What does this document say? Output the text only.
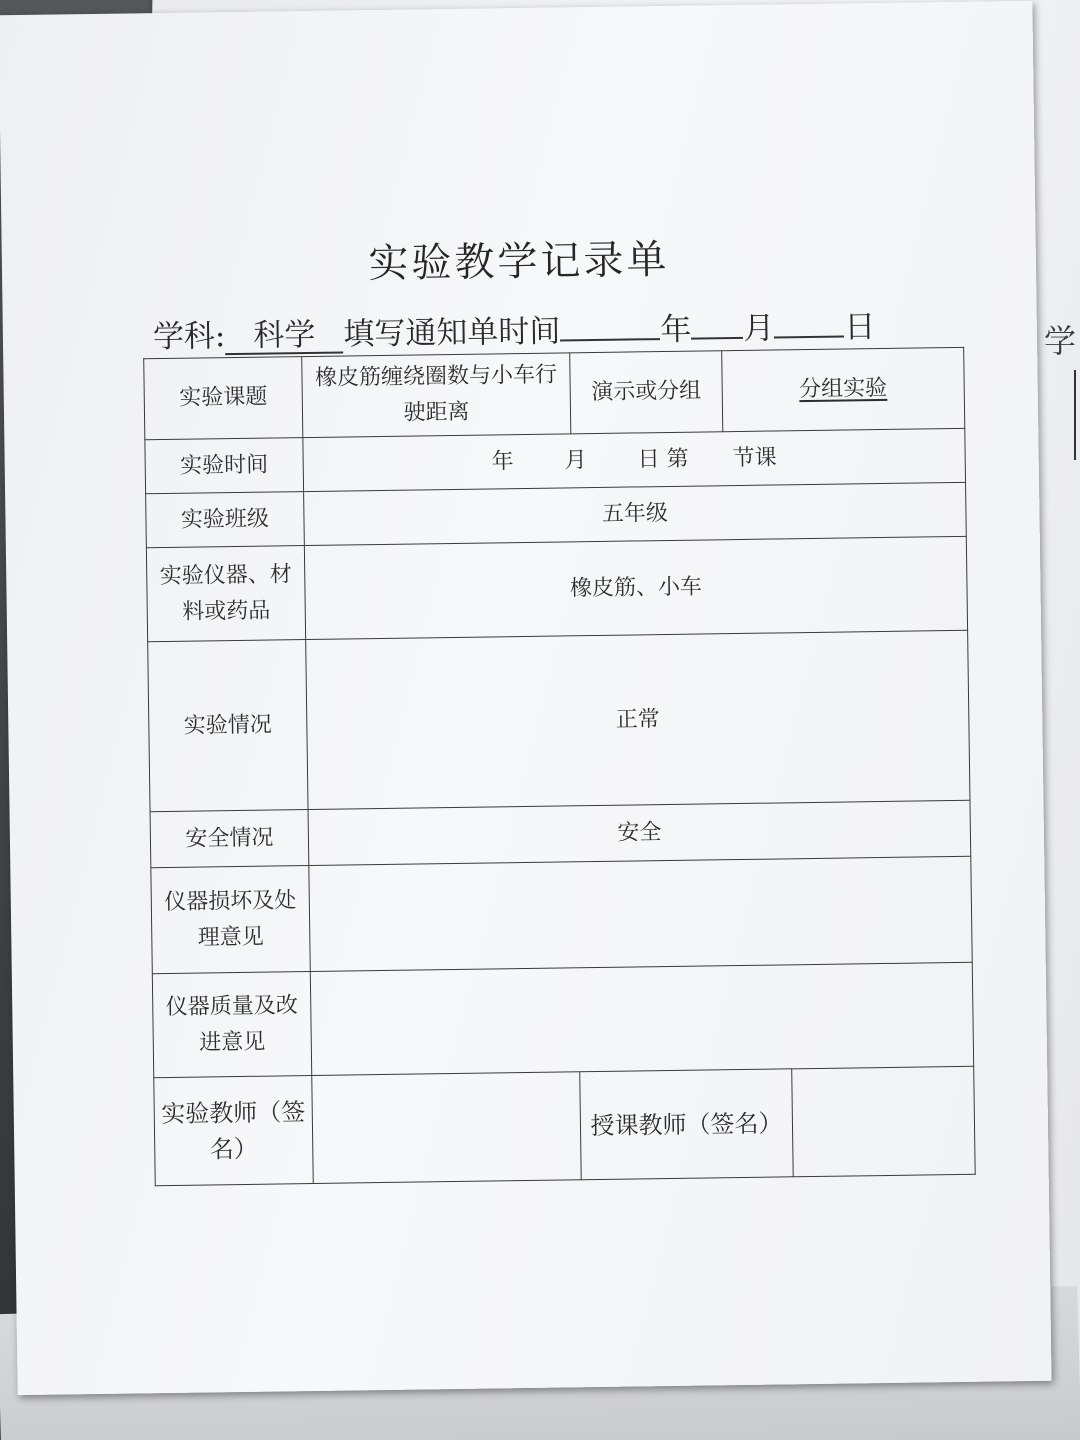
学
实验教学记录单
学科: 科学 填写通知单时间	年 月 日
实验课题	橡皮筋缠绕圈数与小车行驶距离	演示或分组	分组实验	
实验时间	年　　 月　　 日 第　　节课			
实验班级	五年级			
实验仪器、材料或药品	橡皮筋、小车			
实验情况	正常			
安全情况	安全			
仪器损坏及处理意见				
仪器质量及改进意见				
实验教师（签名）		授课教师（签名）		
